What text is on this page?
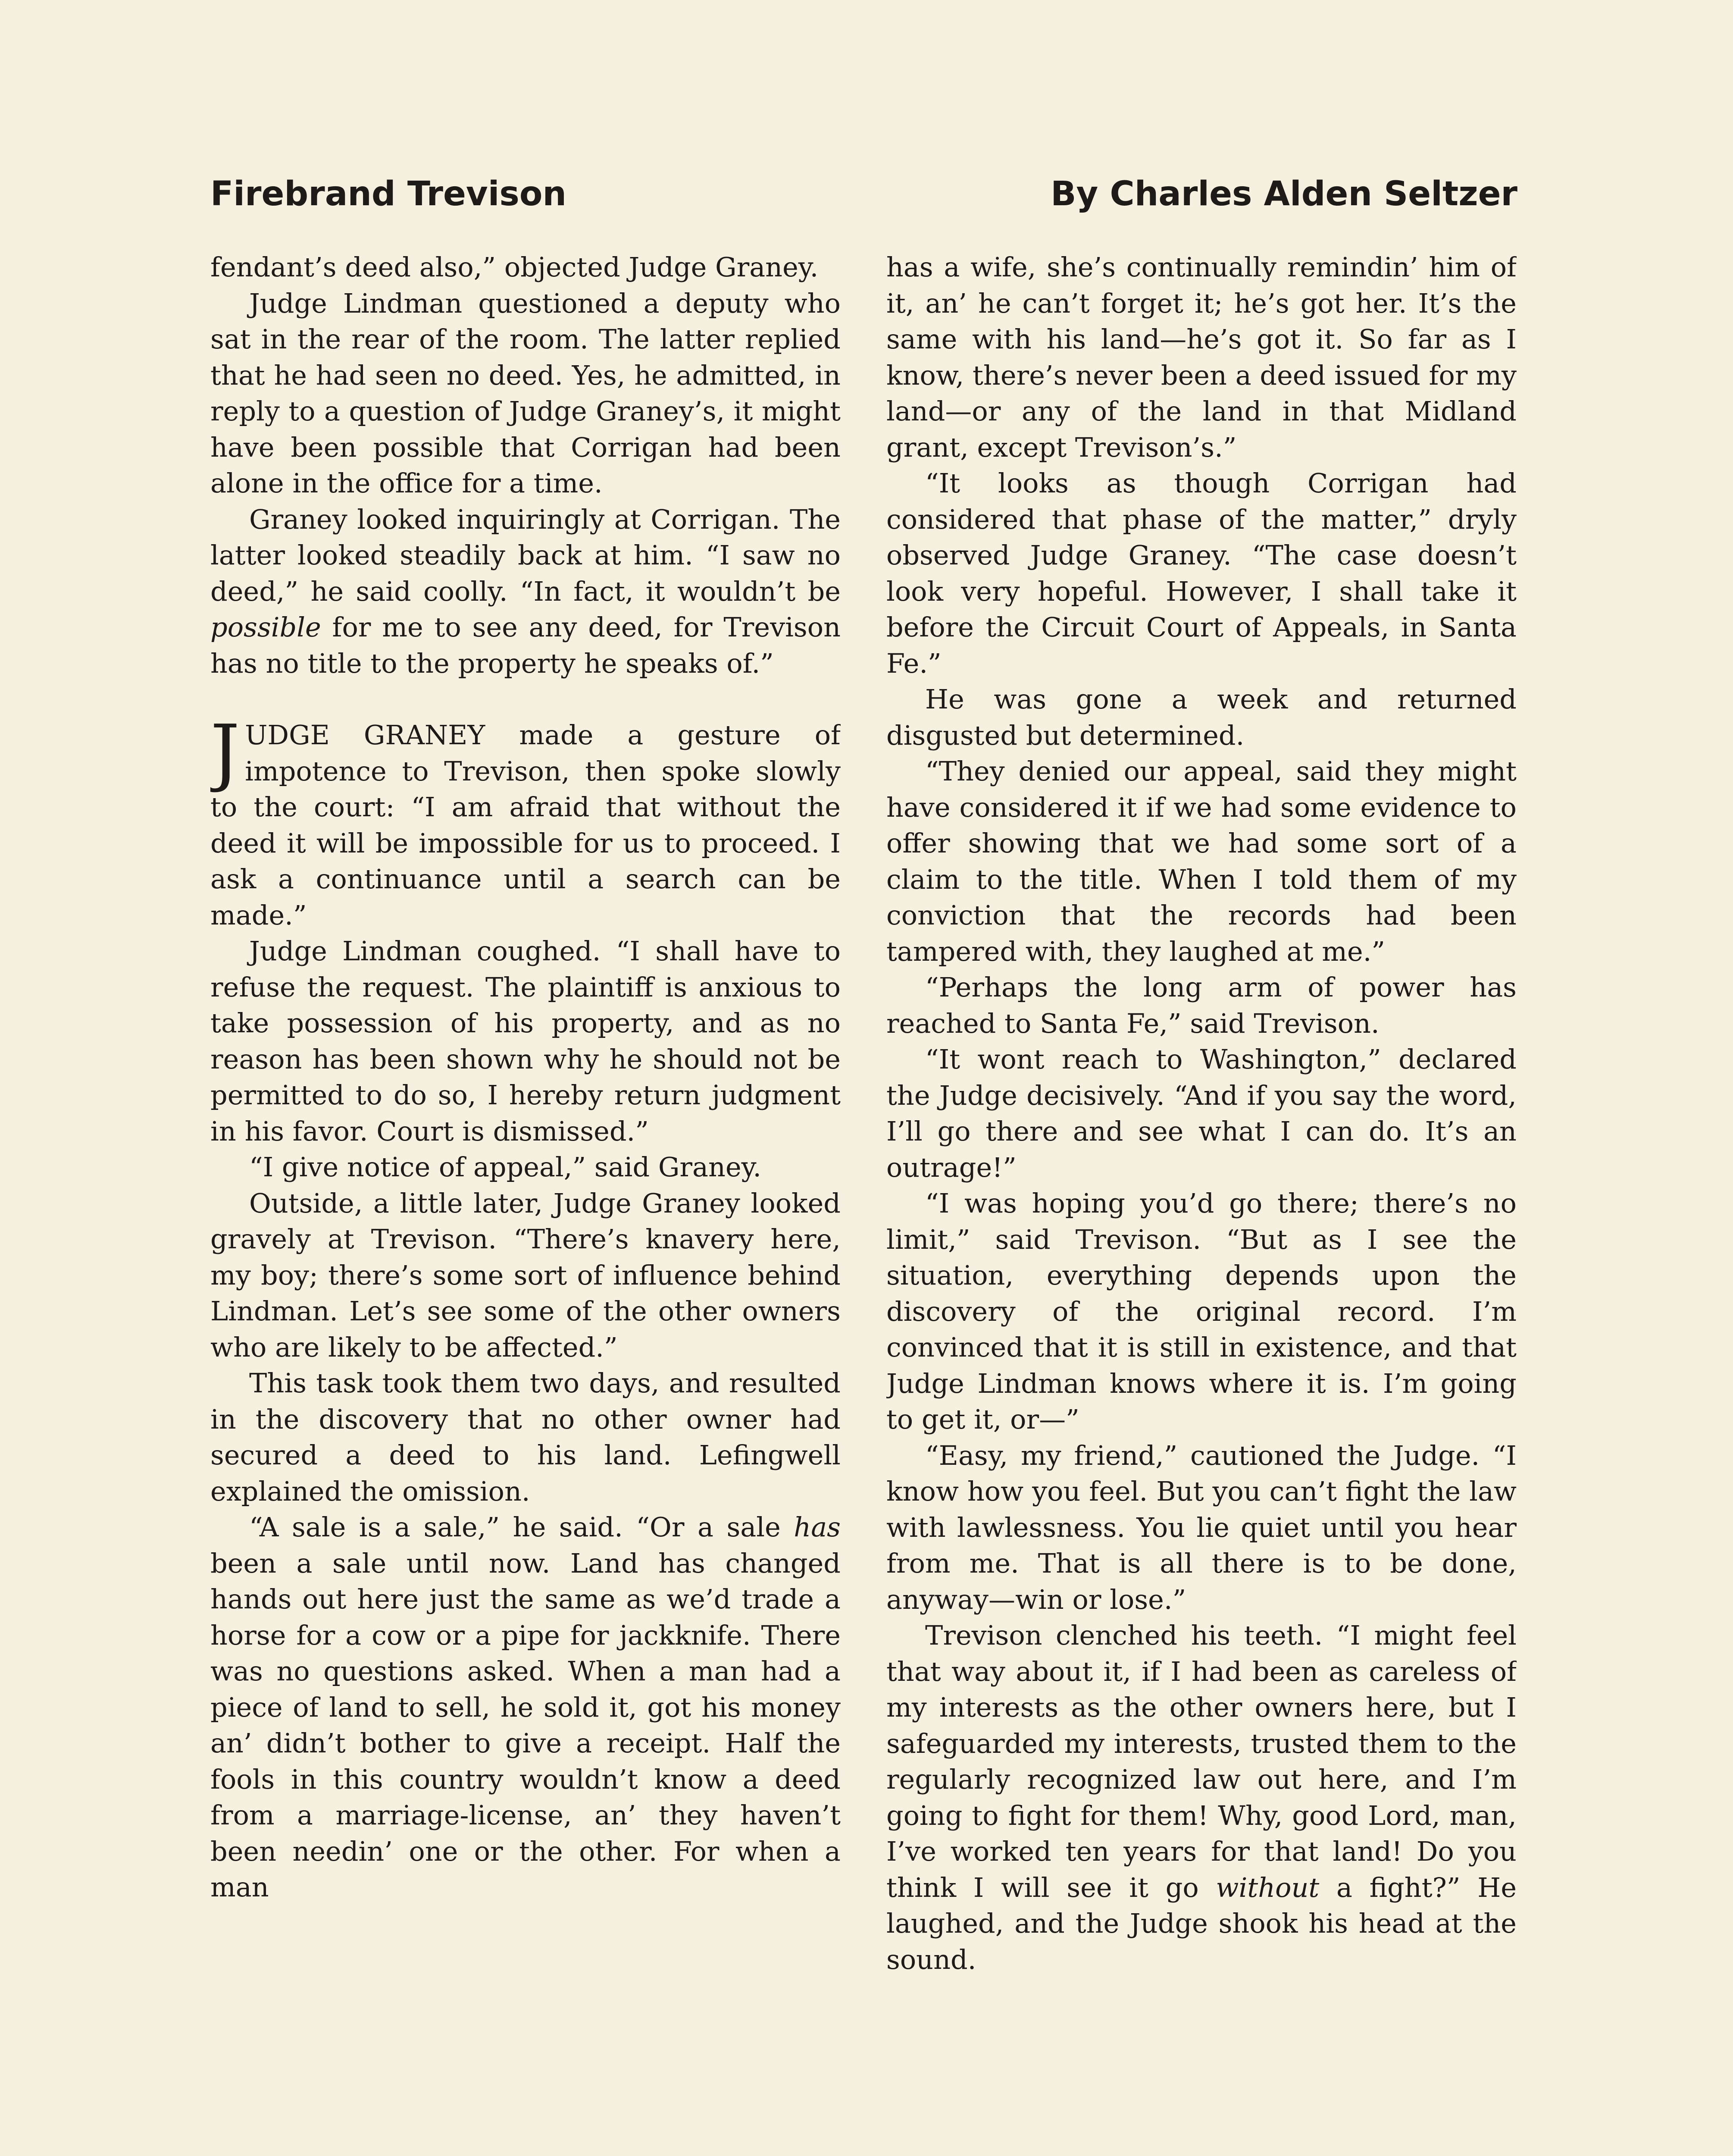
Firebrand Trevison	By Charles Alden Seltzer

fendant’s deed also,” objected Judge Graney.

Judge Lindman questioned a deputy who sat in the rear of the room. The latter replied that he had seen no deed. Yes, he admitted, in reply to a question of Judge Graney’s, it might have been possible that Corrigan had been alone in the office for a time.

Graney looked inquiringly at Corrigan. The latter looked steadily back at him. “I saw no deed,” he said coolly. “In fact, it wouldn’t be possible for me to see any deed, for Trevison has no title to the property he speaks of.”

JUDGE GRANEY made a gesture of impotence to Trevison, then spoke slowly to the court: “I am afraid that without the deed it will be impossible for us to proceed. I ask a continuance until a search can be made.”

Judge Lindman coughed. “I shall have to refuse the request. The plaintiff is anxious to take possession of his property, and as no reason has been shown why he should not be permitted to do so, I hereby return judgment in his favor. Court is dismissed.”

“I give notice of appeal,” said Graney.

Outside, a little later, Judge Graney looked gravely at Trevison. “There’s knavery here, my boy; there’s some sort of influence behind Lindman. Let’s see some of the other owners who are likely to be affected.”

This task took them two days, and resulted in the discovery that no other owner had secured a deed to his land. Lefingwell explained the omission.

“A sale is a sale,” he said. “Or a sale has been a sale until now. Land has changed hands out here just the same as we’d trade a horse for a cow or a pipe for jackknife. There was no questions asked. When a man had a piece of land to sell, he sold it, got his money an’ didn’t bother to give a receipt. Half the fools in this country wouldn’t know a deed from a marriage-license, an’ they haven’t been needin’ one or the other. For when a man

has a wife, she’s continually remindin’ him of it, an’ he can’t forget it; he’s got her. It’s the same with his land—he’s got it. So far as I know, there’s never been a deed issued for my land—or any of the land in that Midland grant, except Trevison’s.”

“It looks as though Corrigan had considered that phase of the matter,” dryly observed Judge Graney. “The case doesn’t look very hopeful. However, I shall take it before the Circuit Court of Appeals, in Santa Fe.”

He was gone a week and returned disgusted but determined.

“They denied our appeal, said they might have considered it if we had some evidence to offer showing that we had some sort of a claim to the title. When I told them of my conviction that the records had been tampered with, they laughed at me.”

“Perhaps the long arm of power has reached to Santa Fe,” said Trevison.

“It wont reach to Washington,” declared the Judge decisively. “And if you say the word, I’ll go there and see what I can do. It’s an outrage!”

“I was hoping you’d go there; there’s no limit,” said Trevison. “But as I see the situation, everything depends upon the discovery of the original record. I’m convinced that it is still in existence, and that Judge Lindman knows where it is. I’m going to get it, or—”

“Easy, my friend,” cautioned the Judge. “I know how you feel. But you can’t fight the law with lawlessness. You lie quiet until you hear from me. That is all there is to be done, anyway—win or lose.”

Trevison clenched his teeth. “I might feel that way about it, if I had been as careless of my interests as the other owners here, but I safeguarded my interests, trusted them to the regularly recognized law out here, and I’m going to fight for them! Why, good Lord, man, I’ve worked ten years for that land! Do you think I will see it go without a fight?” He laughed, and the Judge shook his head at the sound.
